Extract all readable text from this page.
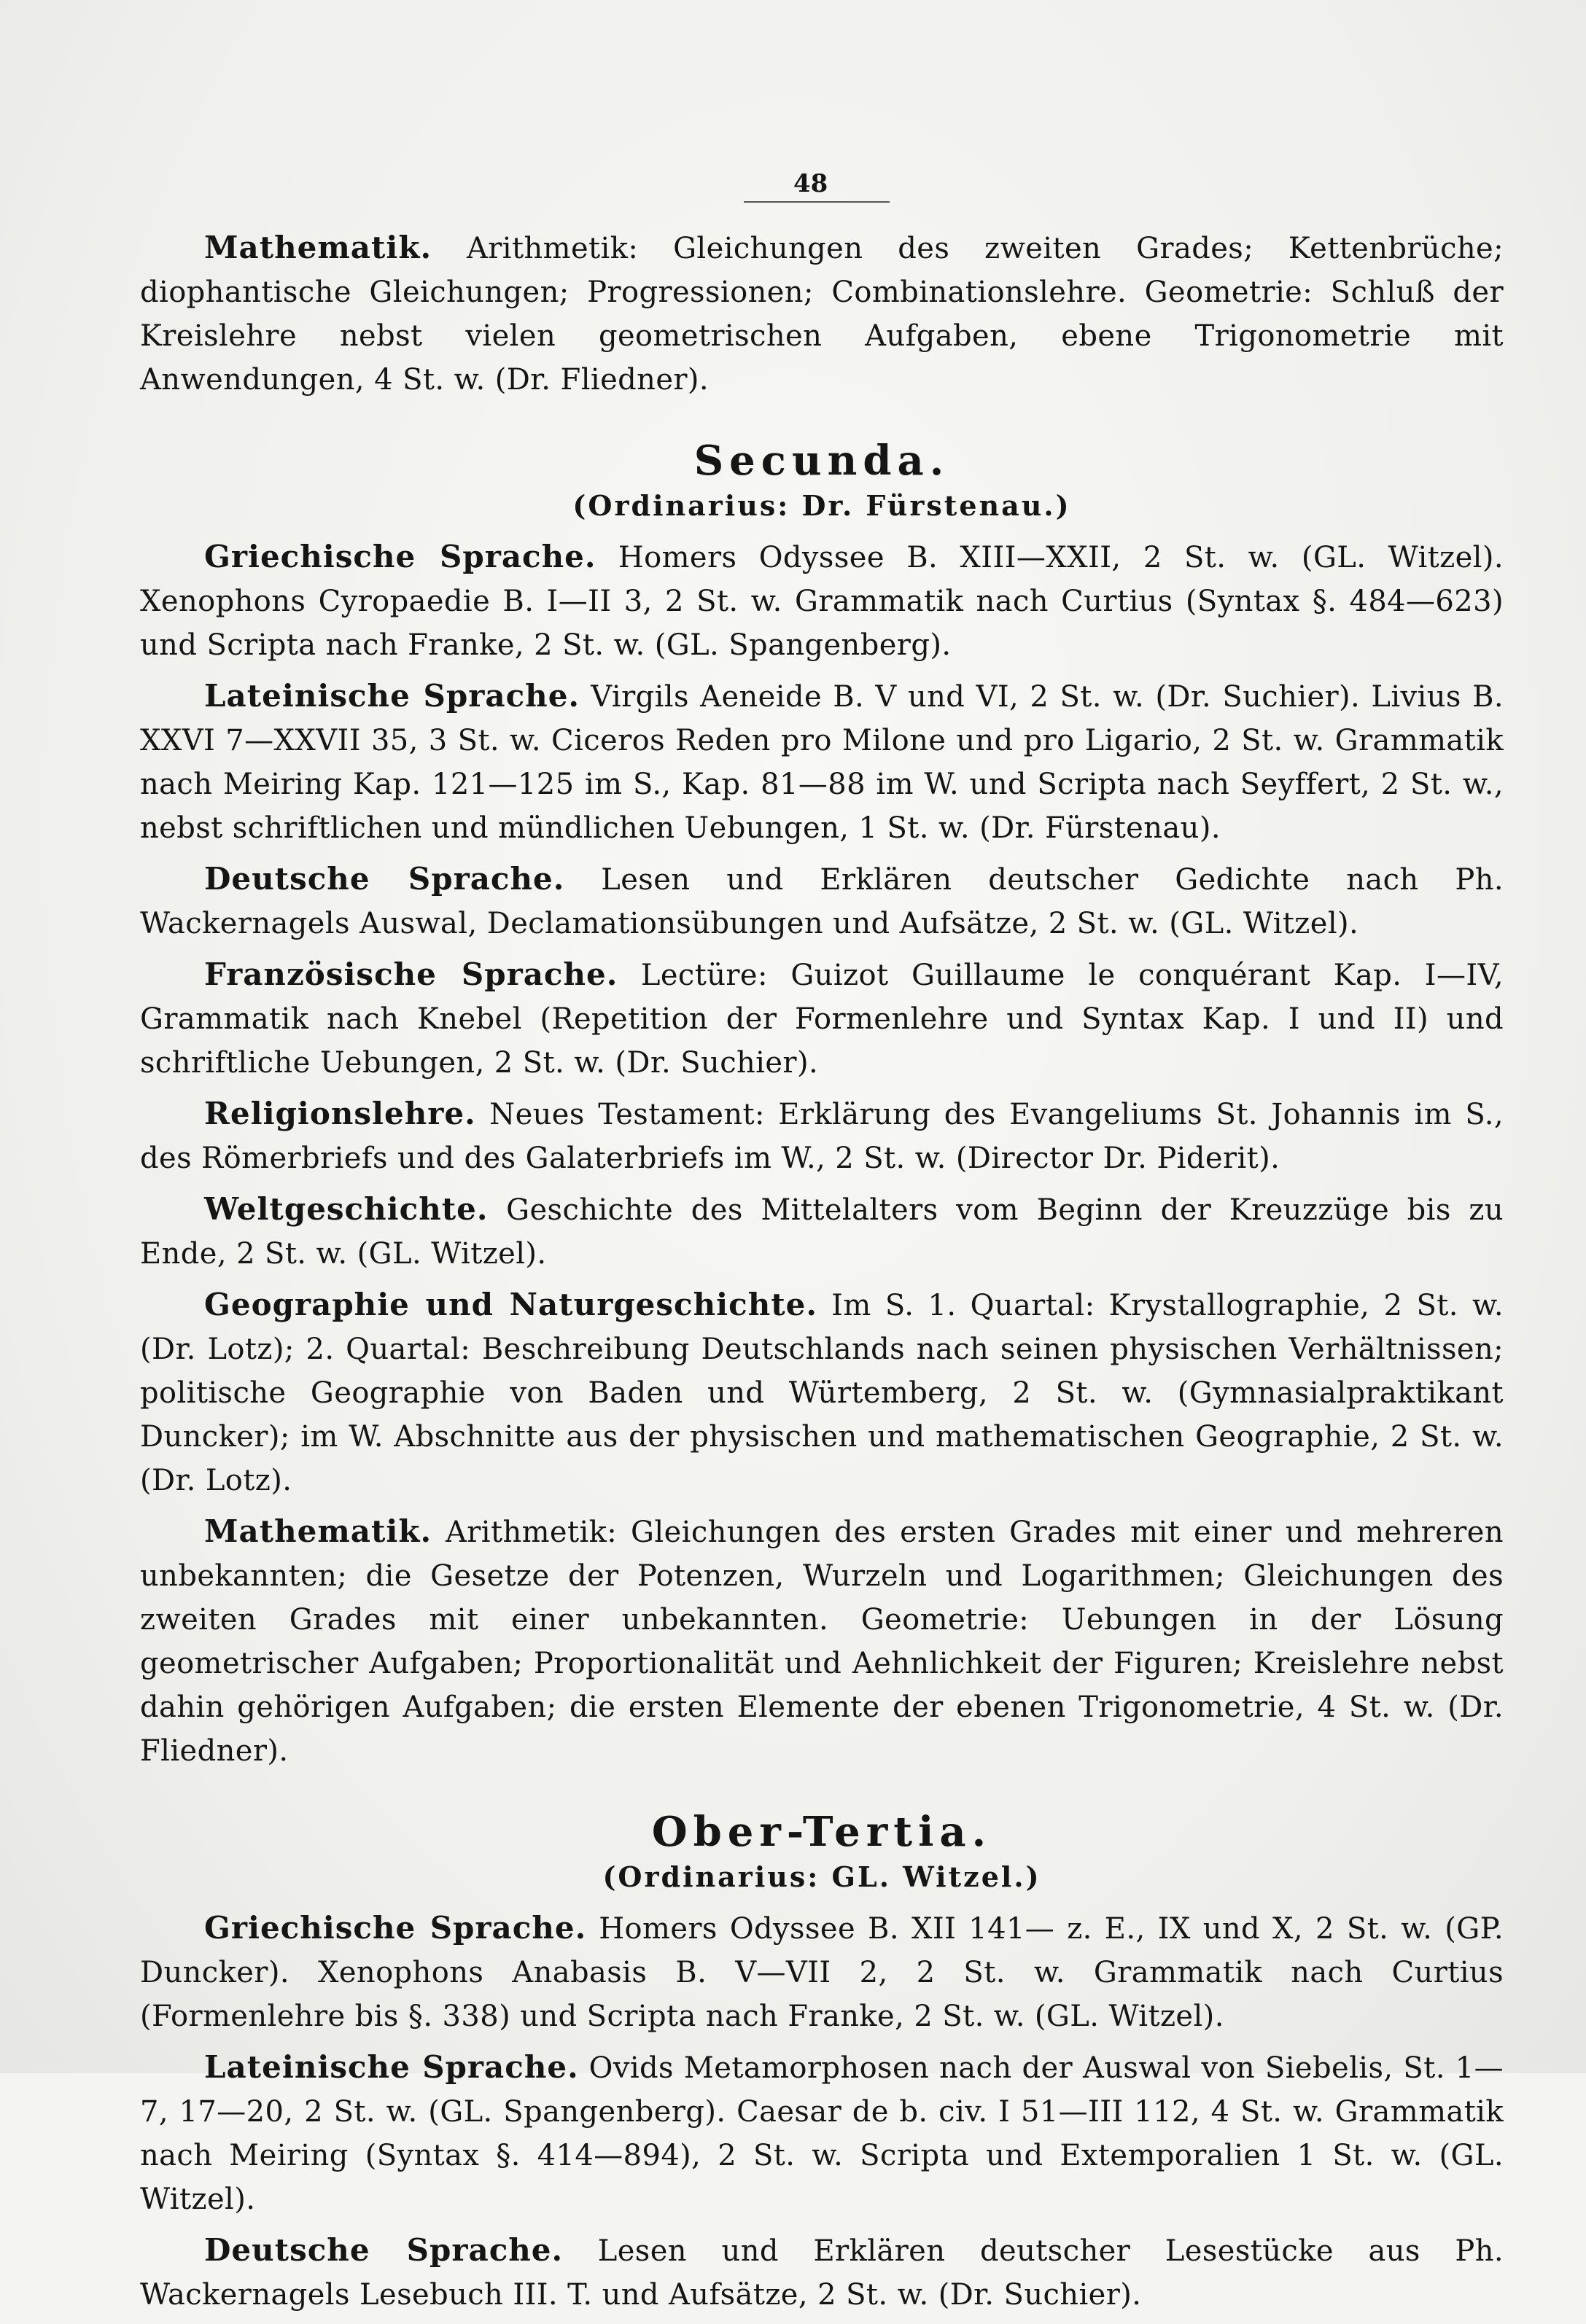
48

Mathematik. Arithmetik: Gleichungen des zweiten Grades; Kettenbrüche; diophantische Gleichungen; Progressionen; Combinationslehre. Geometrie: Schluß der Kreislehre nebst vielen geometrischen Aufgaben, ebene Trigonometrie mit Anwendungen, 4 St. w. (Dr. Fliedner).

Secunda.
(Ordinarius: Dr. Fürstenau.)

Griechische Sprache. Homers Odyssee B. XIII—XXII, 2 St. w. (GL. Witzel). Xenophons Cyropaedie B. I—II 3, 2 St. w. Grammatik nach Curtius (Syntax §. 484—623) und Scripta nach Franke, 2 St. w. (GL. Spangenberg).

Lateinische Sprache. Virgils Aeneide B. V und VI, 2 St. w. (Dr. Suchier). Livius B. XXVI 7—XXVII 35, 3 St. w. Ciceros Reden pro Milone und pro Ligario, 2 St. w. Grammatik nach Meiring Kap. 121—125 im S., Kap. 81—88 im W. und Scripta nach Seyffert, 2 St. w., nebst schriftlichen und mündlichen Uebungen, 1 St. w. (Dr. Fürstenau).

Deutsche Sprache. Lesen und Erklären deutscher Gedichte nach Ph. Wackernagels Auswal, Declamationsübungen und Aufsätze, 2 St. w. (GL. Witzel).

Französische Sprache. Lectüre: Guizot Guillaume le conquérant Kap. I—IV, Grammatik nach Knebel (Repetition der Formenlehre und Syntax Kap. I und II) und schriftliche Uebungen, 2 St. w. (Dr. Suchier).

Religionslehre. Neues Testament: Erklärung des Evangeliums St. Johannis im S., des Römerbriefs und des Galaterbriefs im W., 2 St. w. (Director Dr. Piderit).

Weltgeschichte. Geschichte des Mittelalters vom Beginn der Kreuzzüge bis zu Ende, 2 St. w. (GL. Witzel).

Geographie und Naturgeschichte. Im S. 1. Quartal: Krystallographie, 2 St. w. (Dr. Lotz); 2. Quartal: Beschreibung Deutschlands nach seinen physischen Verhältnissen; politische Geographie von Baden und Würtemberg, 2 St. w. (Gymnasialpraktikant Duncker); im W. Abschnitte aus der physischen und mathematischen Geographie, 2 St. w. (Dr. Lotz).

Mathematik. Arithmetik: Gleichungen des ersten Grades mit einer und mehreren unbekannten; die Gesetze der Potenzen, Wurzeln und Logarithmen; Gleichungen des zweiten Grades mit einer unbekannten. Geometrie: Uebungen in der Lösung geometrischer Aufgaben; Proportionalität und Aehnlichkeit der Figuren; Kreislehre nebst dahin gehörigen Aufgaben; die ersten Elemente der ebenen Trigonometrie, 4 St. w. (Dr. Fliedner).

Ober-Tertia.
(Ordinarius: GL. Witzel.)

Griechische Sprache. Homers Odyssee B. XII 141— z. E., IX und X, 2 St. w. (GP. Duncker). Xenophons Anabasis B. V—VII 2, 2 St. w. Grammatik nach Curtius (Formenlehre bis §. 338) und Scripta nach Franke, 2 St. w. (GL. Witzel).

Lateinische Sprache. Ovids Metamorphosen nach der Auswal von Siebelis, St. 1—7, 17—20, 2 St. w. (GL. Spangenberg). Caesar de b. civ. I 51—III 112, 4 St. w. Grammatik nach Meiring (Syntax §. 414—894), 2 St. w. Scripta und Extemporalien 1 St. w. (GL. Witzel).

Deutsche Sprache. Lesen und Erklären deutscher Lesestücke aus Ph. Wackernagels Lesebuch III. T. und Aufsätze, 2 St. w. (Dr. Suchier).
